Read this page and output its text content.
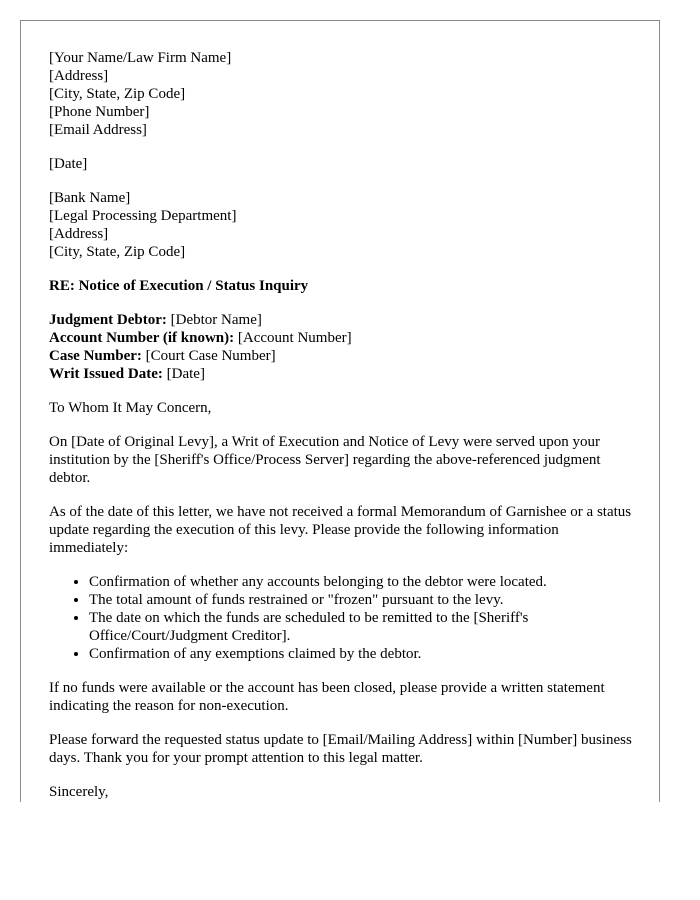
[Your Name/Law Firm Name]
[Address]
[City, State, Zip Code]
[Phone Number]
[Email Address]
[Date]
[Bank Name]
[Legal Processing Department]
[Address]
[City, State, Zip Code]
RE: Notice of Execution / Status Inquiry
Judgment Debtor: [Debtor Name]
Account Number (if known): [Account Number]
Case Number: [Court Case Number]
Writ Issued Date: [Date]

To Whom It May Concern,

On [Date of Original Levy], a Writ of Execution and Notice of Levy were served upon your institution by the [Sheriff's Office/Process Server] regarding the above-referenced judgment debtor.

As of the date of this letter, we have not received a formal Memorandum of Garnishee or a status update regarding the execution of this levy. Please provide the following information immediately:

• Confirmation of whether any accounts belonging to the debtor were located.
• The total amount of funds restrained or "frozen" pursuant to the levy.
• The date on which the funds are scheduled to be remitted to the [Sheriff's Office/Court/Judgment Creditor].
• Confirmation of any exemptions claimed by the debtor.

If no funds were available or the account has been closed, please provide a written statement indicating the reason for non-execution.

Please forward the requested status update to [Email/Mailing Address] within [Number] business days. Thank you for your prompt attention to this legal matter.

Sincerely,
